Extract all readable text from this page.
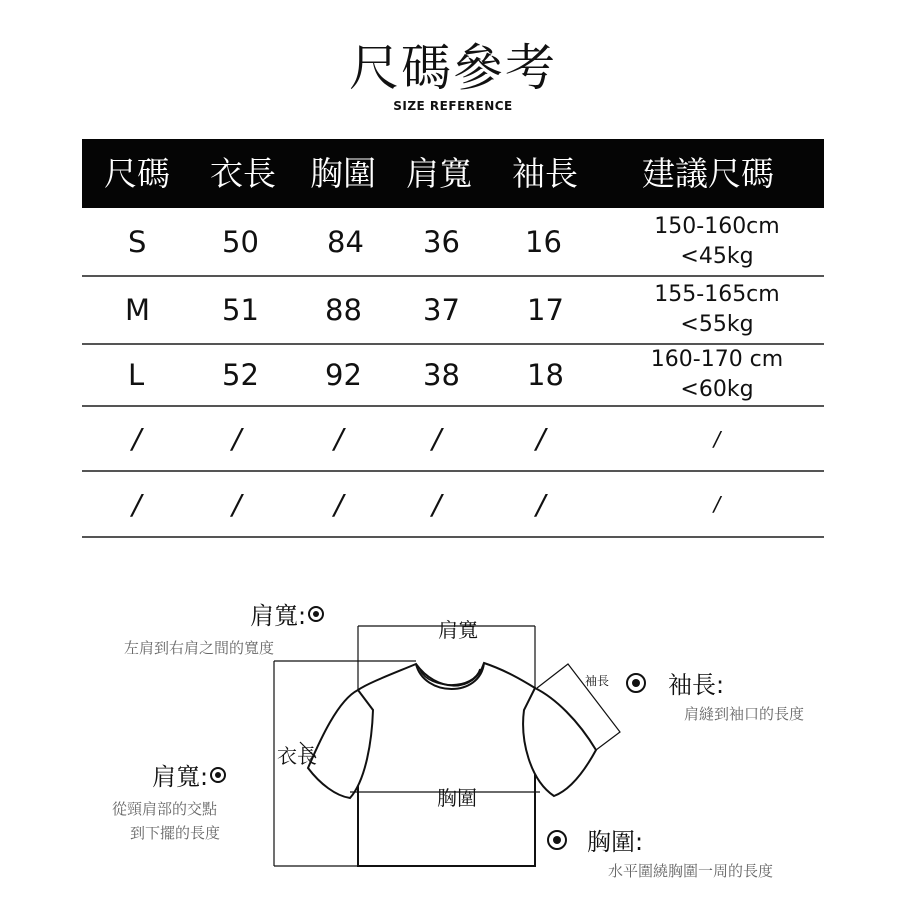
尺碼參考
SIZE REFERENCE
尺碼 衣長 胸圍 肩寬 袖長 建議尺碼
S	50 84 36 16	150-160cm
<45kg
M 51 88 37 17	155-165cm
<55kg
L	52 92 38 18	160-170 cm
<60kg
/	/	/	/	/	/
/	/	/	/	/	/
肩寬:
左肩到右肩之間的寬度
肩寬
肩寬:
從頸肩部的交點
到下擺的長度
衣長
袖長 袖長:
肩縫到袖口的長度
胸圍
胸圍:
水平圍繞胸圍一周的長度
